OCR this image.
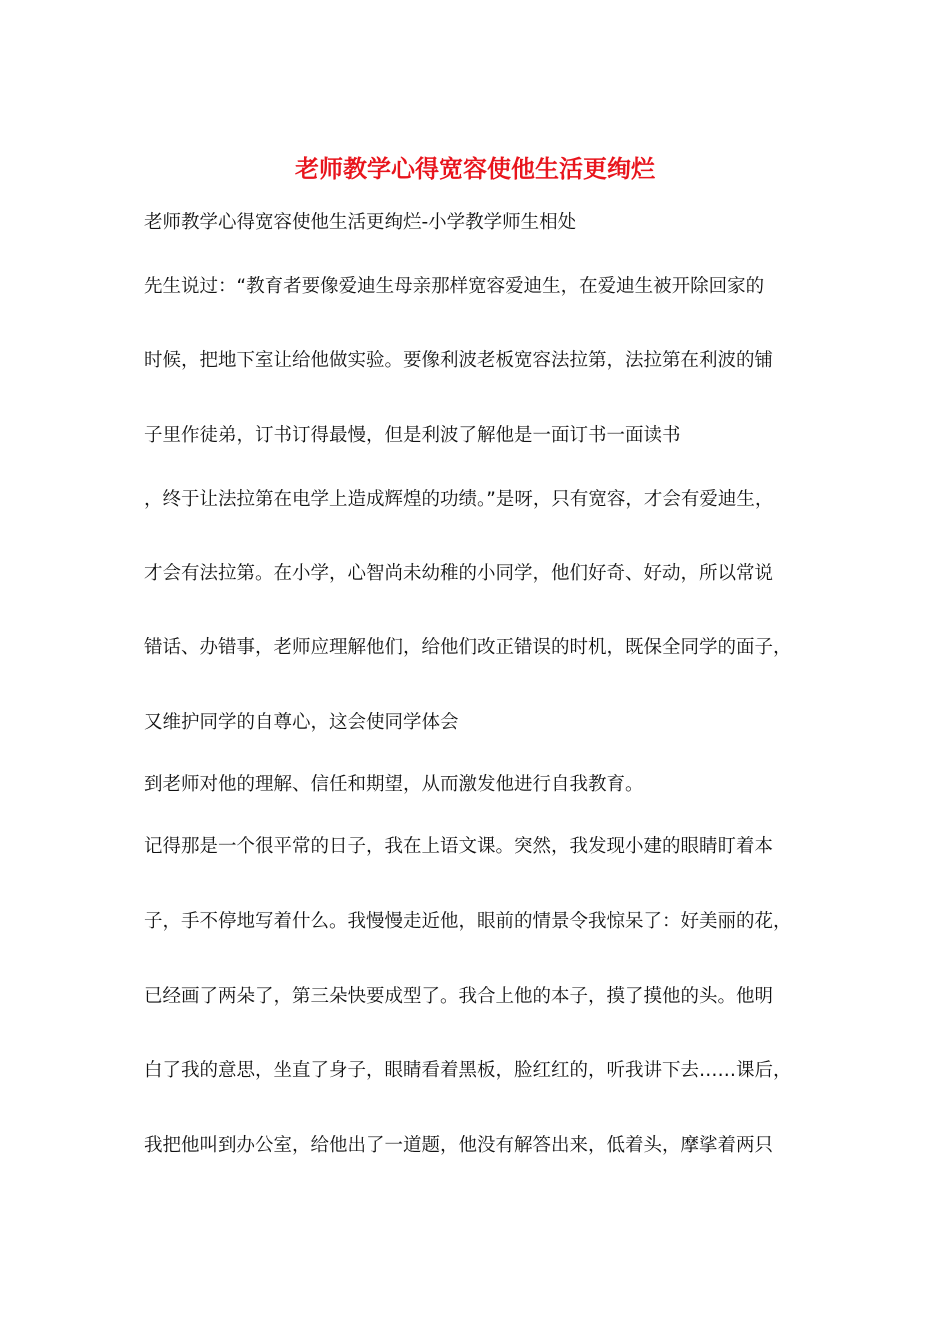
老师教学心得宽容使他生活更绚烂

老师教学心得宽容使他生活更绚烂-小学教学师生相处

先生说过：“教育者要像爱迪生母亲那样宽容爱迪生，在爱迪生被开除回家的

时候，把地下室让给他做实验。要像利波老板宽容法拉第，法拉第在利波的铺

子里作徒弟，订书订得最慢，但是利波了解他是一面订书一面读书

，终于让法拉第在电学上造成辉煌的功绩。”是呀，只有宽容，才会有爱迪生，

才会有法拉第。在小学，心智尚未幼稚的小同学，他们好奇、好动，所以常说

错话、办错事，老师应理解他们，给他们改正错误的时机，既保全同学的面子，

又维护同学的自尊心，这会使同学体会

到老师对他的理解、信任和期望，从而激发他进行自我教育。

记得那是一个很平常的日子，我在上语文课。突然，我发现小建的眼睛盯着本

子，手不停地写着什么。我慢慢走近他，眼前的情景令我惊呆了：好美丽的花，

已经画了两朵了，第三朵快要成型了。我合上他的本子，摸了摸他的头。他明

白了我的意思，坐直了身子，眼睛看着黑板，脸红红的，听我讲下去……课后，

我把他叫到办公室，给他出了一道题，他没有解答出来，低着头，摩挲着两只
